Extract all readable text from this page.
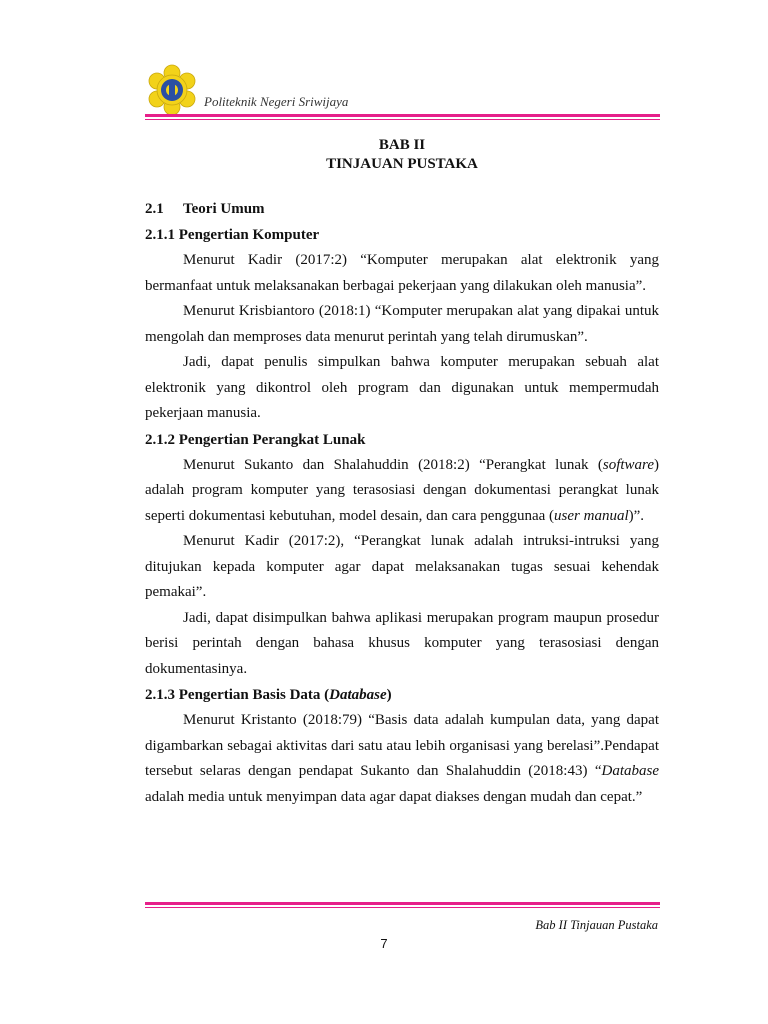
Politeknik Negeri Sriwijaya
BAB II
TINJAUAN PUSTAKA
2.1 Teori Umum
2.1.1 Pengertian Komputer

Menurut Kadir (2017:2) “Komputer merupakan alat elektronik yang bermanfaat untuk melaksanakan berbagai pekerjaan yang dilakukan oleh manusia”.

Menurut Krisbiantoro (2018:1) “Komputer merupakan alat yang dipakai untuk mengolah dan memproses data menurut perintah yang telah dirumuskan”.

Jadi, dapat penulis simpulkan bahwa komputer merupakan sebuah alat elektronik yang dikontrol oleh program dan digunakan untuk mempermudah pekerjaan manusia.

2.1.2 Pengertian Perangkat Lunak

Menurut Sukanto dan Shalahuddin (2018:2) “Perangkat lunak (software) adalah program komputer yang terasosiasi dengan dokumentasi perangkat lunak seperti dokumentasi kebutuhan, model desain, dan cara penggunaa (user manual)”.

Menurut Kadir (2017:2), “Perangkat lunak adalah intruksi-intruksi yang ditujukan kepada komputer agar dapat melaksanakan tugas sesuai kehendak pemakai”.

Jadi, dapat disimpulkan bahwa aplikasi merupakan program maupun prosedur berisi perintah dengan bahasa khusus komputer yang terasosiasi dengan dokumentasinya.

2.1.3 Pengertian Basis Data (Database)

Menurut Kristanto (2018:79) “Basis data adalah kumpulan data, yang dapat digambarkan sebagai aktivitas dari satu atau lebih organisasi yang berelasi”.Pendapat tersebut selaras dengan pendapat Sukanto dan Shalahuddin (2018:43) “Database adalah media untuk menyimpan data agar dapat diakses dengan mudah dan cepat.”

Bab II Tinjauan Pustaka
7
